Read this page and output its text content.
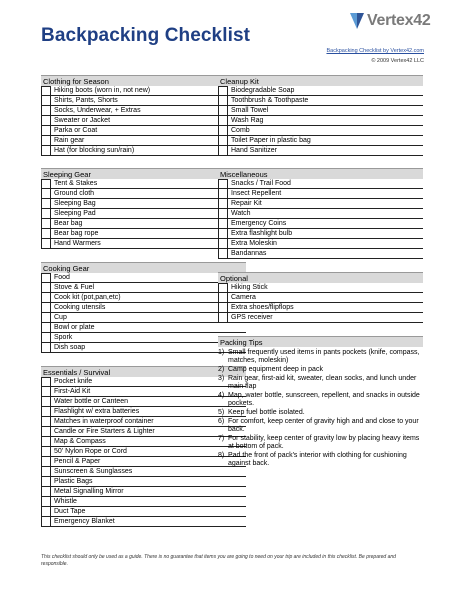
Backpacking Checklist
Vertex42
Backpacking Checklist by Vertex42.com
© 2009 Vertex42 LLC
Clothing for Season
Hiking boots (worn in, not new)
Shirts, Pants, Shorts
Socks, Underwear, + Extras
Sweater or Jacket
Parka or Coat
Rain gear
Hat (for blocking sun/rain)
Sleeping Gear
Tent & Stakes
Ground cloth
Sleeping Bag
Sleeping Pad
Bear bag
Bear bag rope
Hand Warmers
Cooking Gear
Food
Stove & Fuel
Cook kit (pot,pan,etc)
Cooking utensils
Cup
Bowl or plate
Spork
Dish soap
Essentials / Survival
Pocket knife
First-Aid Kit
Water bottle or Canteen
Flashlight w/ extra batteries
Matches in waterproof container
Candle or Fire Starters & Lighter
Map & Compass
50' Nylon Rope or Cord
Pencil & Paper
Sunscreen & Sunglasses
Plastic Bags
Metal Signalling Mirror
Whistle
Duct Tape
Emergency Blanket
Cleanup Kit
Biodegradable Soap
Toothbrush & Toothpaste
Small Towel
Wash Rag
Comb
Toilet Paper in plastic bag
Hand Sanitizer
Miscellaneous
Snacks / Trail Food
Insect Repellent
Repair Kit
Watch
Emergency Coins
Extra flashlight bulb
Extra Moleskin
Bandannas
Optional
Hiking Stick
Camera
Extra shoes/flipflops
GPS receiver
Packing Tips
1) Small frequently used items in pants pockets (knife, compass, matches, moleskin)
2) Camp equipment deep in pack
3) Rain gear, first-aid kit, sweater, clean socks, and lunch under main flap
4) Map, water bottle, sunscreen, repellent, and snacks in outside pockets.
5) Keep fuel bottle isolated.
6) For comfort, keep center of gravity high and and close to your back.
7) For stability, keep center of gravity low by placing heavy items at bottom of pack.
8) Pad the front of pack's interior with clothing for cushioning against back.
This checklist should only be used as a guide. There is no guarantee that items you are going to need on your trip are included in this checklist. Be prepared and responsible.
